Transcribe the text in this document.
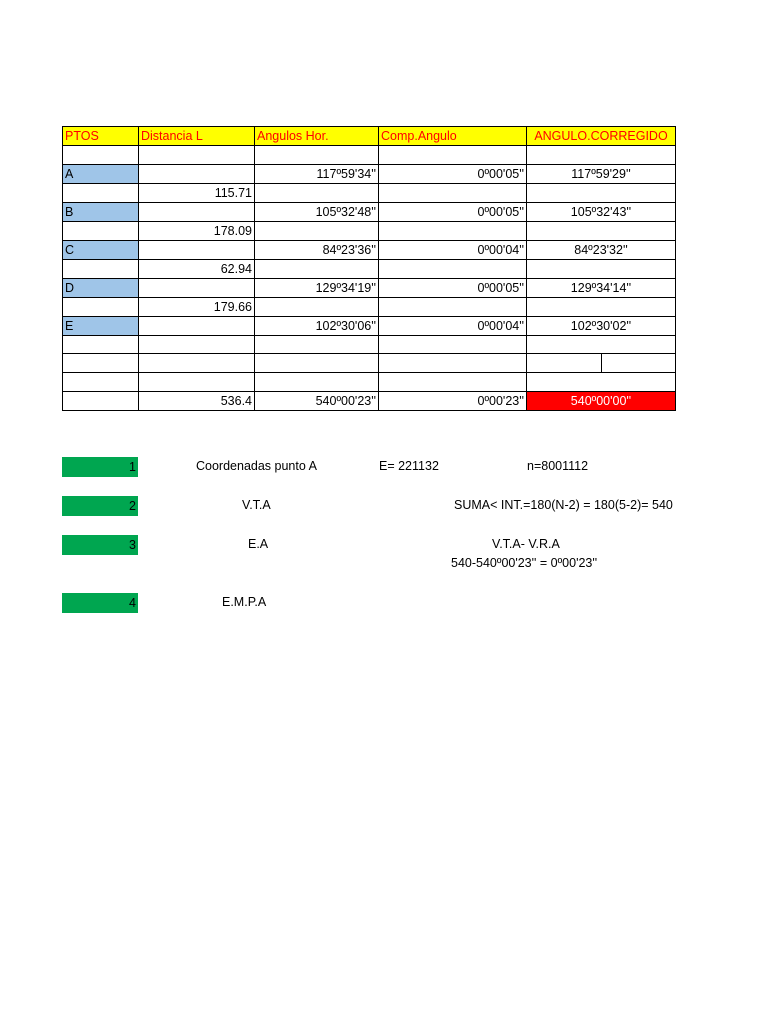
PTOS	Distancia L	Angulos Hor.	Comp.Angulo	ANGULO.CORREGIDO

A		117º59'34''	0º00'05''	117º59'29''
	115.71			
B		105º32'48''	0º00'05''	105º32'43''
	178.09			
C		84º23'36''	0º00'04''	84º23'32''
	62.94			
D		129º34'19''	0º00'05''	129º34'14''
	179.66			
E		102º30'06''	0º00'04''	102º30'02''

	536.4	540º00'23''	0º00'23''	540º00'00''
1	Coordenadas punto A	E= 221132	n=8001112
2	V.T.A	SUMA< INT.=180(N-2) = 180(5-2)= 540
3	E.A	V.T.A- V.R.A
540-540º00'23'' = 0º00'23''
4	E.M.P.A
